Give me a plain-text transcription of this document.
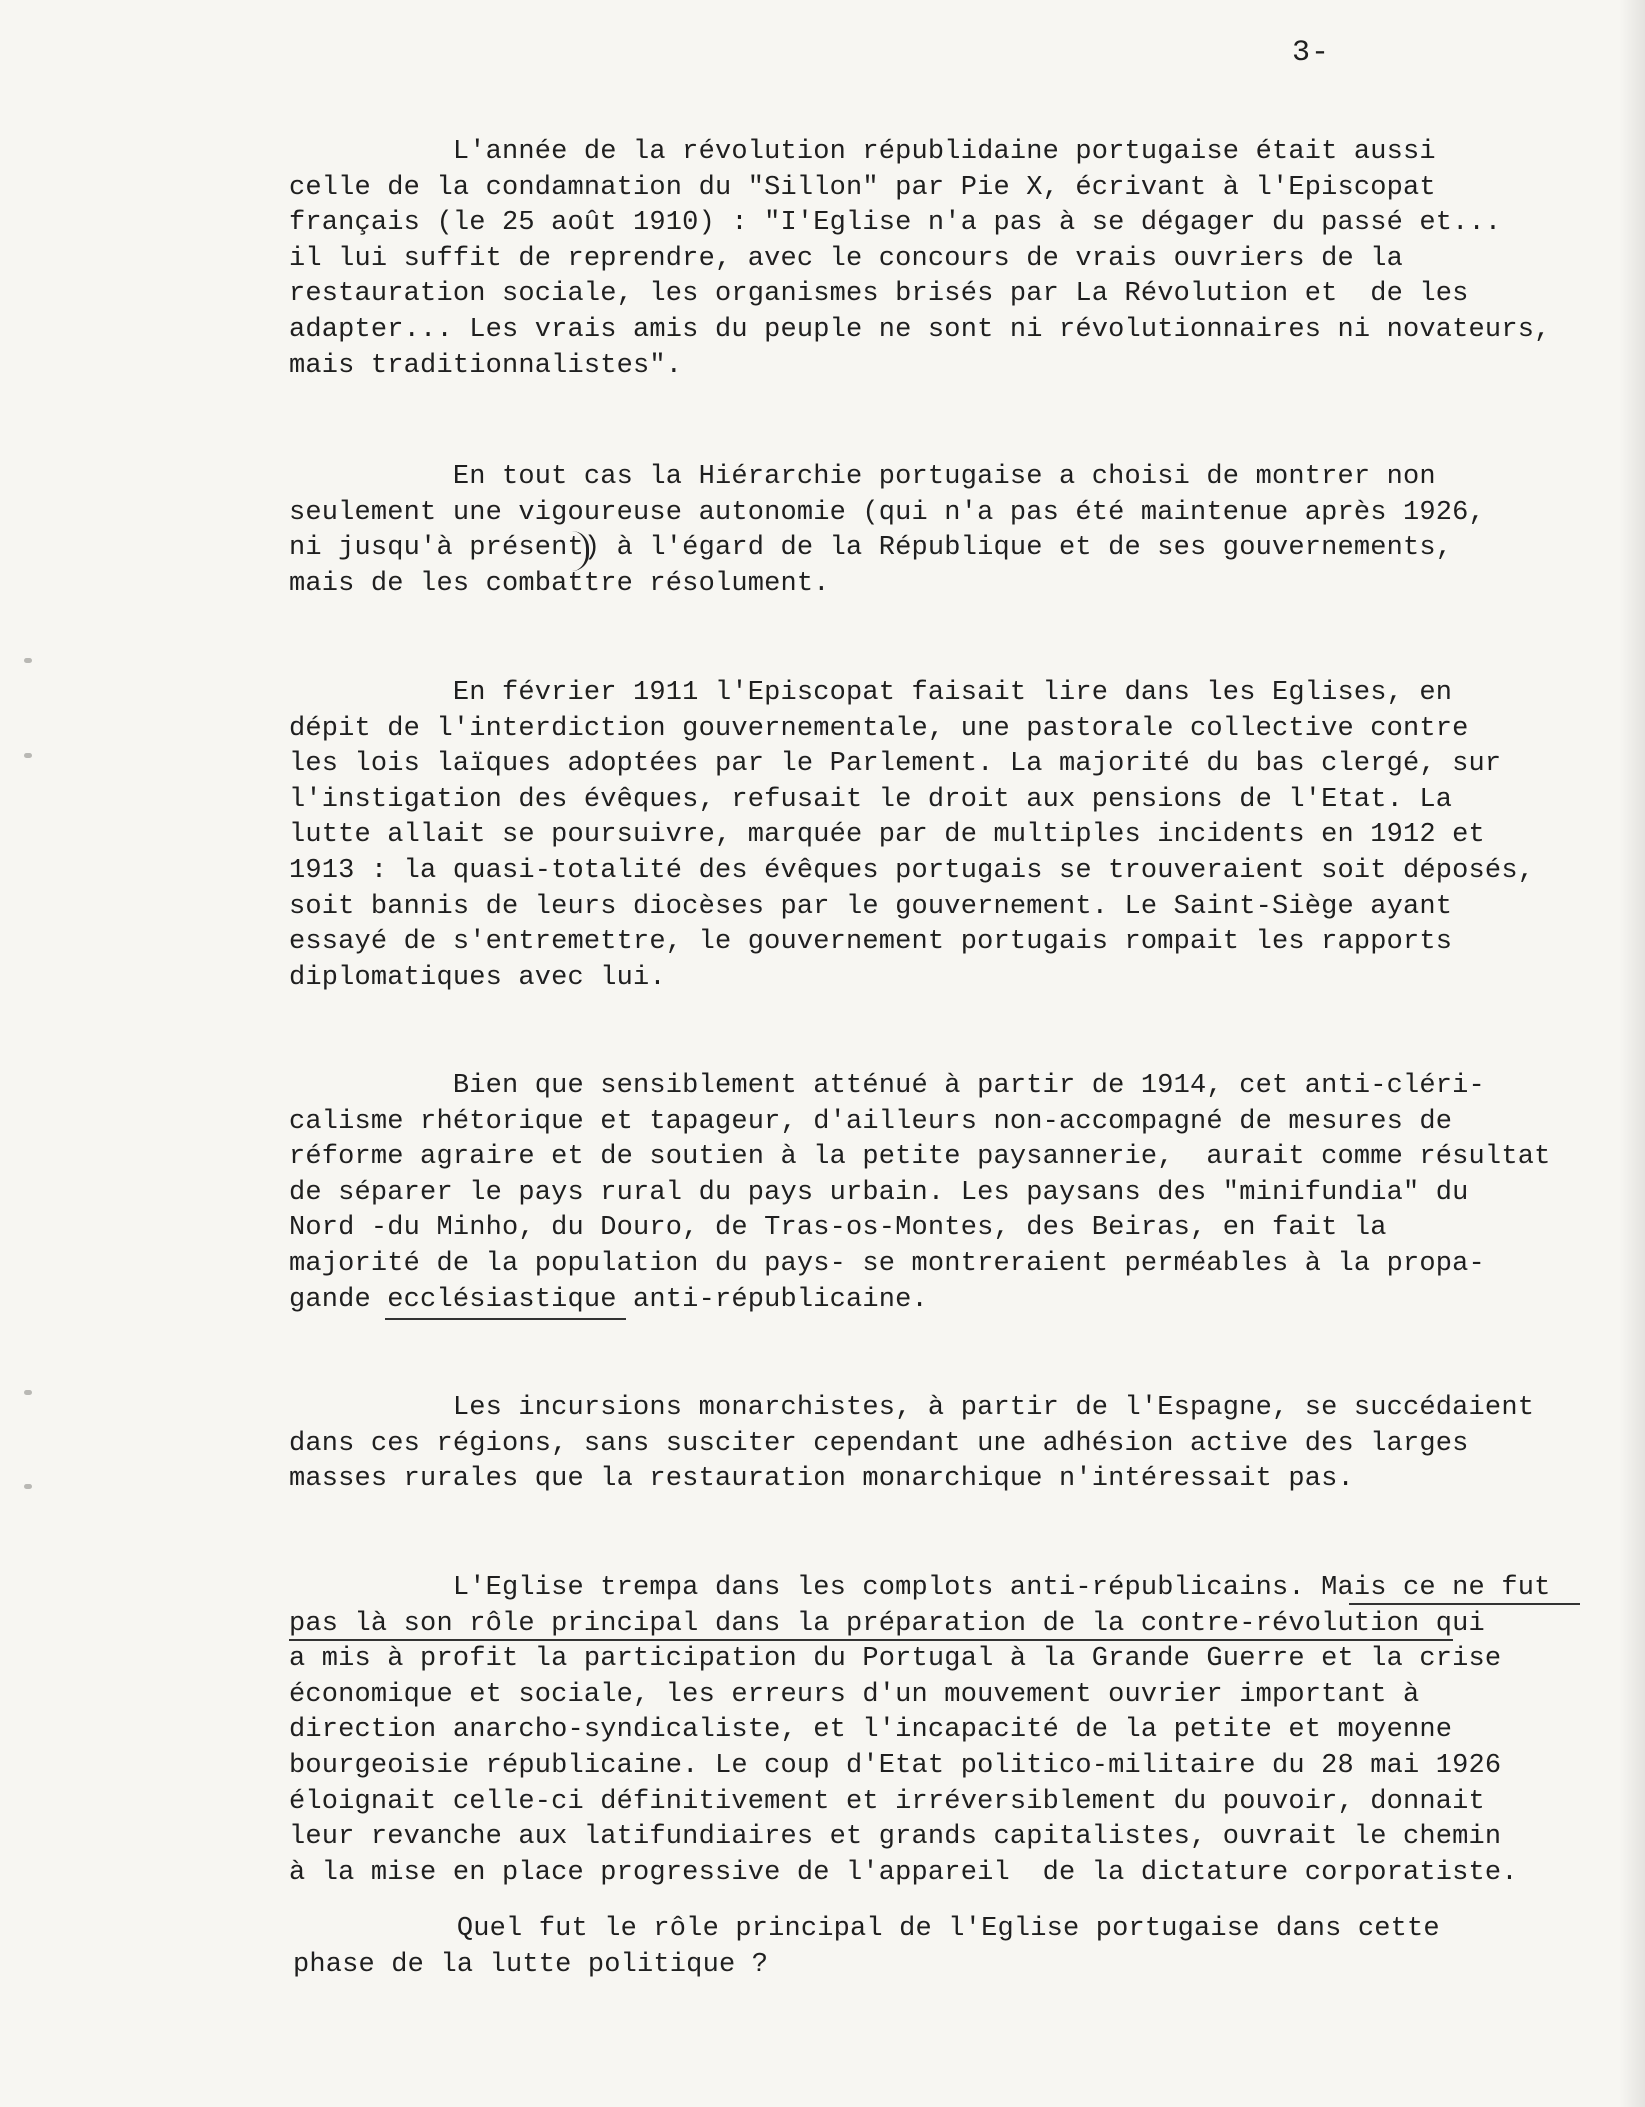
3-
L'année de la révolution républidaine portugaise était aussi
celle de la condamnation du "Sillon" par Pie X, écrivant à l'Episcopat
français (le 25 août 1910) : "I'Eglise n'a pas à se dégager du passé et...
il lui suffit de reprendre, avec le concours de vrais ouvriers de la
restauration sociale, les organismes brisés par La Révolution et  de les
adapter... Les vrais amis du peuple ne sont ni révolutionnaires ni novateurs,
mais traditionnalistes".
En tout cas la Hiérarchie portugaise a choisi de montrer non
seulement une vigoureuse autonomie (qui n'a pas été maintenue après 1926,
ni jusqu'à présent) à l'égard de la République et de ses gouvernements,
mais de les combattre résolument.
En février 1911 l'Episcopat faisait lire dans les Eglises, en
dépit de l'interdiction gouvernementale, une pastorale collective contre
les lois laïques adoptées par le Parlement. La majorité du bas clergé, sur
l'instigation des évêques, refusait le droit aux pensions de l'Etat. La
lutte allait se poursuivre, marquée par de multiples incidents en 1912 et
1913 : la quasi-totalité des évêques portugais se trouveraient soit déposés,
soit bannis de leurs diocèses par le gouvernement. Le Saint-Siège ayant
essayé de s'entremettre, le gouvernement portugais rompait les rapports
diplomatiques avec lui.
Bien que sensiblement atténué à partir de 1914, cet anti-cléri-
calisme rhétorique et tapageur, d'ailleurs non-accompagné de mesures de
réforme agraire et de soutien à la petite paysannerie,  aurait comme résultat
de séparer le pays rural du pays urbain. Les paysans des "minifundia" du
Nord -du Minho, du Douro, de Tras-os-Montes, des Beiras, en fait la
majorité de la population du pays- se montreraient perméables à la propa-
gande ecclésiastique anti-républicaine.
Les incursions monarchistes, à partir de l'Espagne, se succédaient
dans ces régions, sans susciter cependant une adhésion active des larges
masses rurales que la restauration monarchique n'intéressait pas.
L'Eglise trempa dans les complots anti-républicains. Mais ce ne fut
pas là son rôle principal dans la préparation de la contre-révolution qui
a mis à profit la participation du Portugal à la Grande Guerre et la crise
économique et sociale, les erreurs d'un mouvement ouvrier important à
direction anarcho-syndicaliste, et l'incapacité de la petite et moyenne
bourgeoisie républicaine. Le coup d'Etat politico-militaire du 28 mai 1926
éloignait celle-ci définitivement et irréversiblement du pouvoir, donnait
leur revanche aux latifundiaires et grands capitalistes, ouvrait le chemin
à la mise en place progressive de l'appareil  de la dictature corporatiste.
Quel fut le rôle principal de l'Eglise portugaise dans cette
phase de la lutte politique ?
